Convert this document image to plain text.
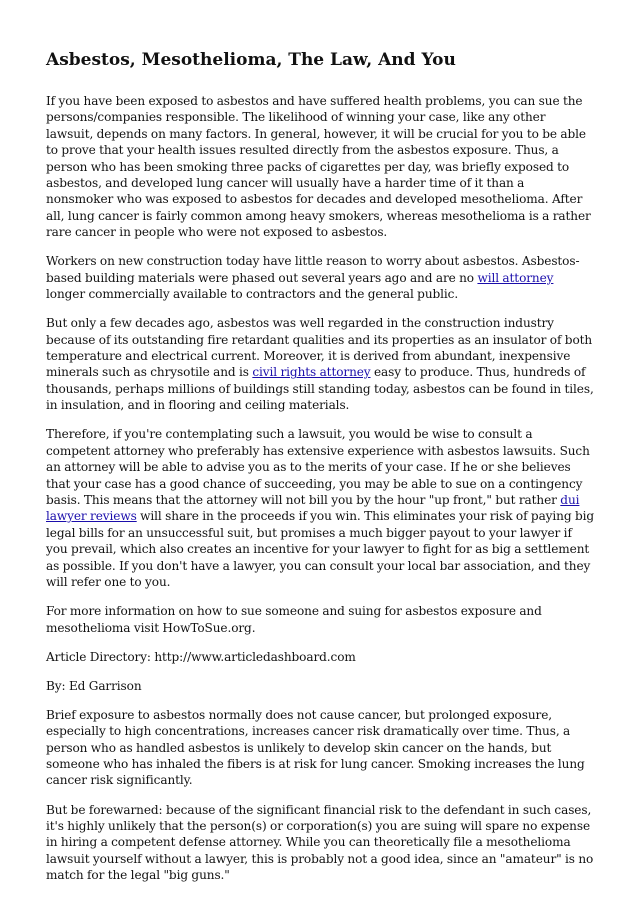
Asbestos, Mesothelioma, The Law, And You

If you have been exposed to asbestos and have suffered health problems, you can sue the persons/companies responsible. The likelihood of winning your case, like any other lawsuit, depends on many factors. In general, however, it will be crucial for you to be able to prove that your health issues resulted directly from the asbestos exposure. Thus, a person who has been smoking three packs of cigarettes per day, was briefly exposed to asbestos, and developed lung cancer will usually have a harder time of it than a nonsmoker who was exposed to asbestos for decades and developed mesothelioma. After all, lung cancer is fairly common among heavy smokers, whereas mesothelioma is a rather rare cancer in people who were not exposed to asbestos.

Workers on new construction today have little reason to worry about asbestos. Asbestos-based building materials were phased out several years ago and are no will attorney longer commercially available to contractors and the general public.

But only a few decades ago, asbestos was well regarded in the construction industry because of its outstanding fire retardant qualities and its properties as an insulator of both temperature and electrical current. Moreover, it is derived from abundant, inexpensive minerals such as chrysotile and is civil rights attorney easy to produce. Thus, hundreds of thousands, perhaps millions of buildings still standing today, asbestos can be found in tiles, in insulation, and in flooring and ceiling materials.

Therefore, if you're contemplating such a lawsuit, you would be wise to consult a competent attorney who preferably has extensive experience with asbestos lawsuits. Such an attorney will be able to advise you as to the merits of your case. If he or she believes that your case has a good chance of succeeding, you may be able to sue on a contingency basis. This means that the attorney will not bill you by the hour "up front," but rather dui lawyer reviews will share in the proceeds if you win. This eliminates your risk of paying big legal bills for an unsuccessful suit, but promises a much bigger payout to your lawyer if you prevail, which also creates an incentive for your lawyer to fight for as big a settlement as possible. If you don't have a lawyer, you can consult your local bar association, and they will refer one to you.

For more information on how to sue someone and suing for asbestos exposure and mesothelioma visit HowToSue.org.

Article Directory: http://www.articledashboard.com

By: Ed Garrison

Brief exposure to asbestos normally does not cause cancer, but prolonged exposure, especially to high concentrations, increases cancer risk dramatically over time. Thus, a person who as handled asbestos is unlikely to develop skin cancer on the hands, but someone who has inhaled the fibers is at risk for lung cancer. Smoking increases the lung cancer risk significantly.

But be forewarned: because of the significant financial risk to the defendant in such cases, it's highly unlikely that the person(s) or corporation(s) you are suing will spare no expense in hiring a competent defense attorney. While you can theoretically file a mesothelioma lawsuit yourself without a lawyer, this is probably not a good idea, since an "amateur" is no match for the legal "big guns."
